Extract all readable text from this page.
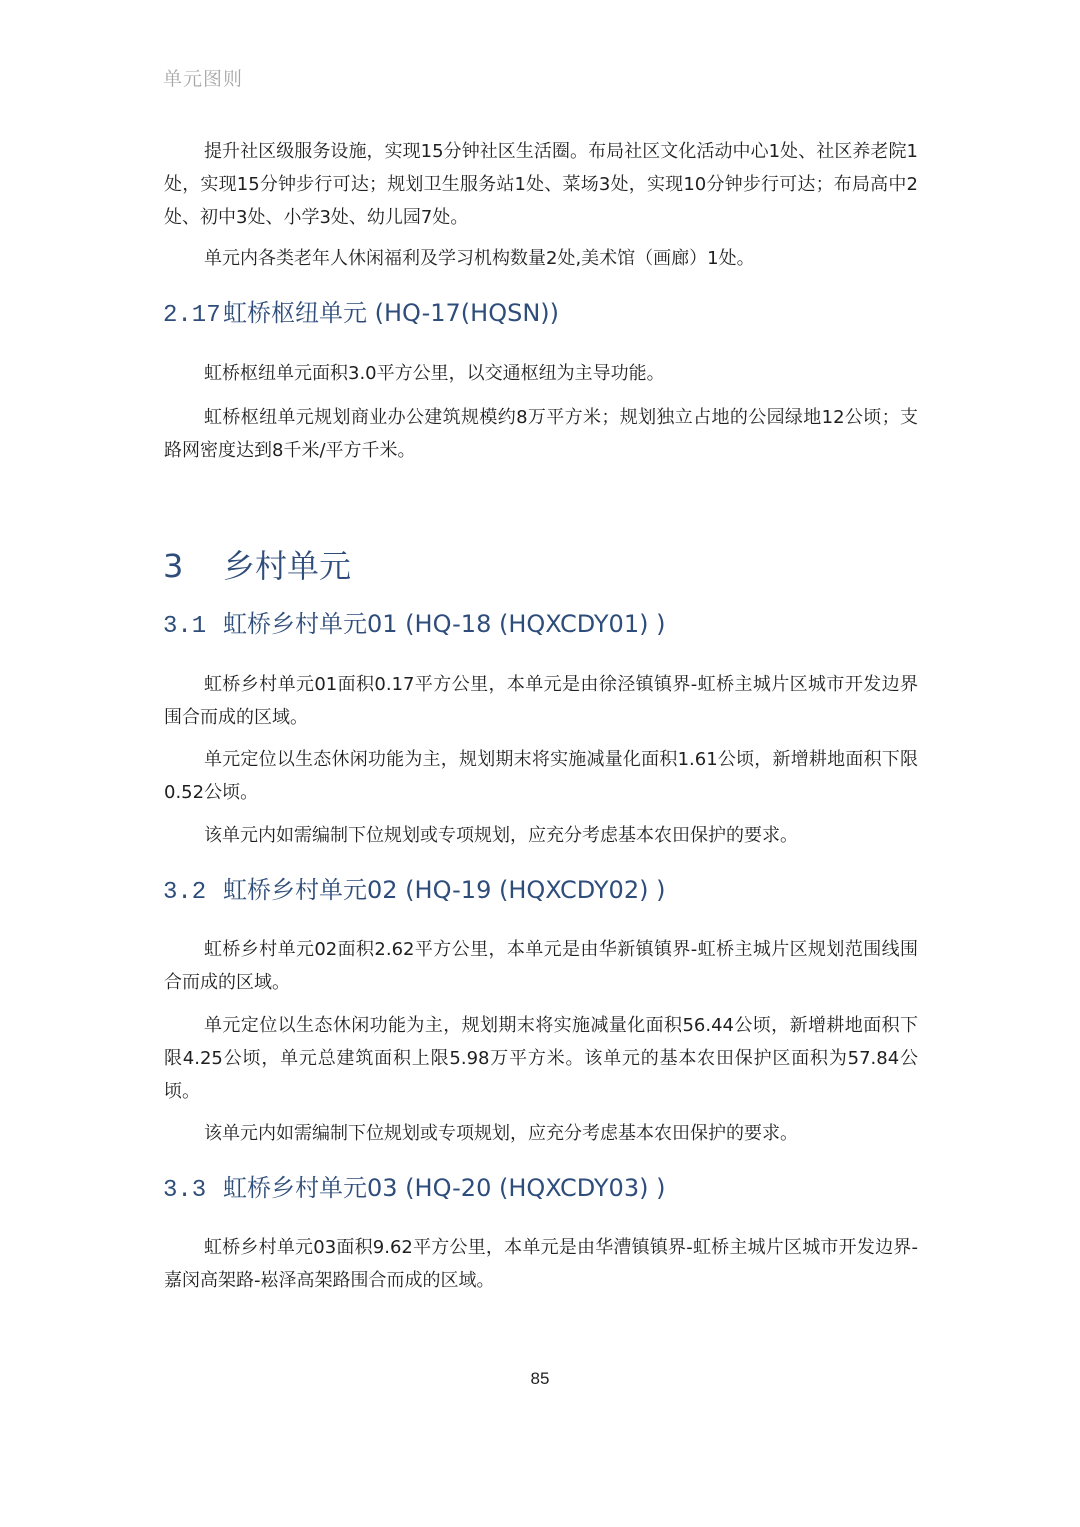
单元图则

提升社区级服务设施，实现15分钟社区生活圈。布局社区文化活动中心1处、社区养老院1处，实现15分钟步行可达；规划卫生服务站1处、菜场3处，实现10分钟步行可达；布局高中2处、初中3处、小学3处、幼儿园7处。

单元内各类老年人休闲福利及学习机构数量2处,美术馆（画廊）1处。

2.17虹桥枢纽单元 (HQ-17(HQSN))

虹桥枢纽单元面积3.0平方公里，以交通枢纽为主导功能。

虹桥枢纽单元规划商业办公建筑规模约8万平方米；规划独立占地的公园绿地12公顷；支路网密度达到8千米/平方千米。

3 乡村单元
3.1 虹桥乡村单元01 (HQ-18 (HQXCDY01) )

虹桥乡村单元01面积0.17平方公里，本单元是由徐泾镇镇界-虹桥主城片区城市开发边界围合而成的区域。

单元定位以生态休闲功能为主，规划期末将实施减量化面积1.61公顷，新增耕地面积下限0.52公顷。

该单元内如需编制下位规划或专项规划，应充分考虑基本农田保护的要求。

3.2 虹桥乡村单元02 (HQ-19 (HQXCDY02) )

虹桥乡村单元02面积2.62平方公里，本单元是由华新镇镇界-虹桥主城片区规划范围线围合而成的区域。

单元定位以生态休闲功能为主，规划期末将实施减量化面积56.44公顷，新增耕地面积下限4.25公顷，单元总建筑面积上限5.98万平方米。该单元的基本农田保护区面积为57.84公顷。

该单元内如需编制下位规划或专项规划，应充分考虑基本农田保护的要求。

3.3 虹桥乡村单元03 (HQ-20 (HQXCDY03) )

虹桥乡村单元03面积9.62平方公里，本单元是由华漕镇镇界-虹桥主城片区城市开发边界-嘉闵高架路-崧泽高架路围合而成的区域。

85
